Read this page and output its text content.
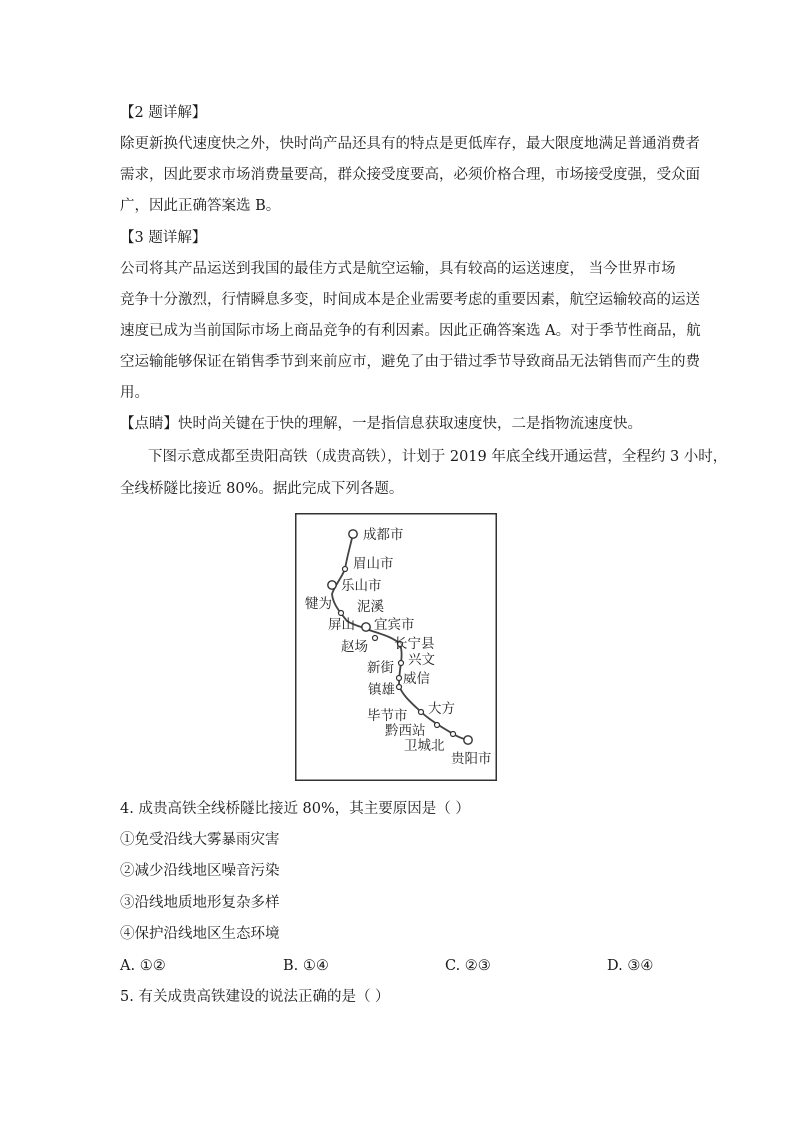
【2 题详解】
除更新换代速度快之外，快时尚产品还具有的特点是更低库存，最大限度地满足普通消费者
需求，因此要求市场消费量要高，群众接受度要高，必须价格合理，市场接受度强，受众面
广，因此正确答案选 B。
【3 题详解】
公司将其产品运送到我国的最佳方式是航空运输，具有较高的运送速度， 当今世界市场
竞争十分激烈，行情瞬息多变，时间成本是企业需要考虑的重要因素，航空运输较高的运送
速度已成为当前国际市场上商品竞争的有利因素。因此正确答案选 A。对于季节性商品，航
空运输能够保证在销售季节到来前应市，避免了由于错过季节导致商品无法销售而产生的费
用。
【点睛】快时尚关键在于快的理解，一是指信息获取速度快，二是指物流速度快。
下图示意成都至贵阳高铁（成贵高铁），计划于 2019 年底全线开通运营，全程约 3 小时，
全线桥隧比接近 80%。据此完成下列各题。
成都市
眉山市
乐山市
犍为 泥溪
屏山 宜宾市
赵场 长宁县
兴文
新街
威信
镇雄
大方
毕节市
黔西站
卫城北
贵阳市
4. 成贵高铁全线桥隧比接近 80%，其主要原因是（ ）
①免受沿线大雾暴雨灾害
②减少沿线地区噪音污染
③沿线地质地形复杂多样
④保护沿线地区生态环境
A. ①②	B. ①④	C. ②③	D. ③④
5. 有关成贵高铁建设的说法正确的是（ ）
